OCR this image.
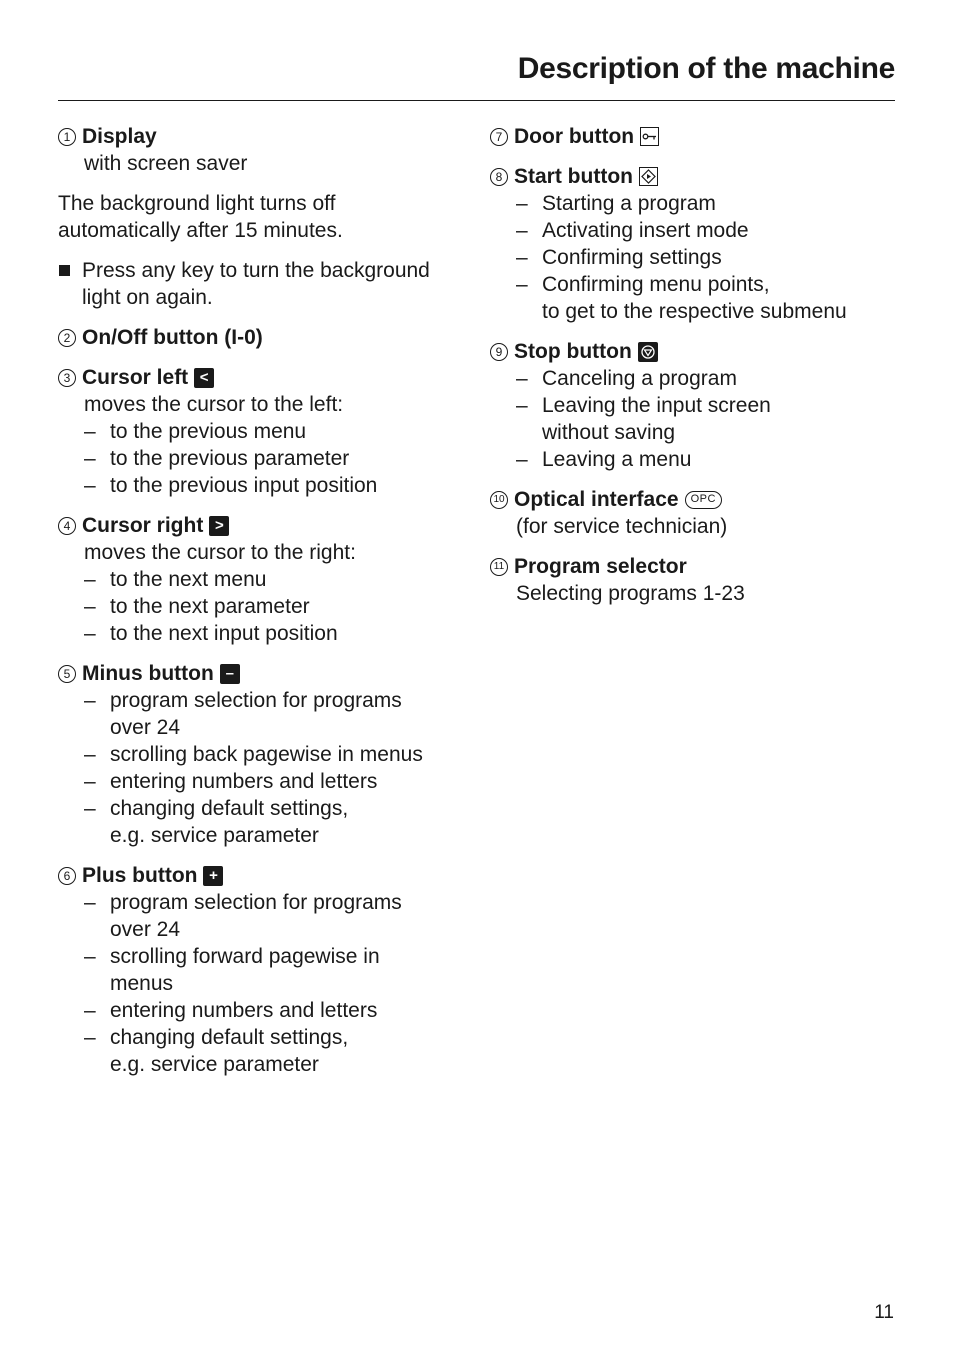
Description of the machine
1 Display
with screen saver
The background light turns off
automatically after 15 minutes.
Press any key to turn the background
light on again.
2 On/Off button (I-0)
3 Cursor left <
moves the cursor to the left:
– to the previous menu
– to the previous parameter
– to the previous input position
4 Cursor right >
moves the cursor to the right:
– to the next menu
– to the next parameter
– to the next input position
5 Minus button –
– program selection for programs
over 24
– scrolling back pagewise in menus
– entering numbers and letters
– changing default settings,
e.g. service parameter
6 Plus button +
– program selection for programs
over 24
– scrolling forward pagewise in
menus
– entering numbers and letters
– changing default settings,
e.g. service parameter
7 Door button
8 Start button
– Starting a program
– Activating insert mode
– Confirming settings
– Confirming menu points,
to get to the respective submenu
9 Stop button
– Canceling a program
– Leaving the input screen
without saving
– Leaving a menu
10 Optical interface	OPC
(for service technician)
11 Program selector
Selecting programs 1-23
11
